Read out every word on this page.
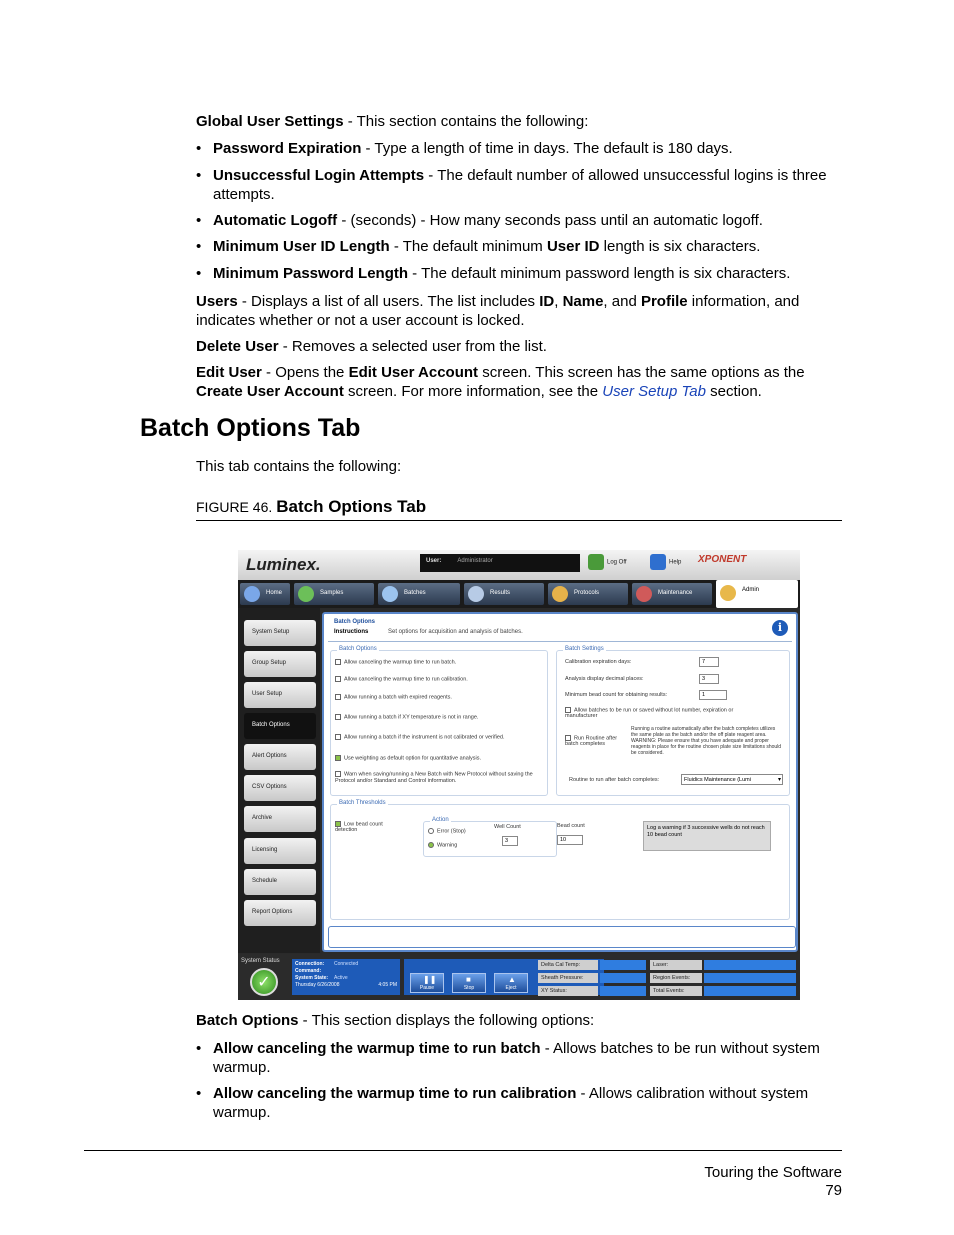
Global User Settings - This section contains the following:
• Password Expiration - Type a length of time in days. The default is 180 days.
• Unsuccessful Login Attempts - The default number of allowed unsuccessful logins is three attempts.
• Automatic Logoff - (seconds) - How many seconds pass until an automatic logoff.
• Minimum User ID Length - The default minimum User ID length is six characters.
• Minimum Password Length - The default minimum password length is six characters.
Users - Displays a list of all users. The list includes ID, Name, and Profile information, and indicates whether or not a user account is locked.
Delete User - Removes a selected user from the list.
Edit User - Opens the Edit User Account screen. This screen has the same options as the Create User Account screen. For more information, see the User Setup Tab section.
Batch Options Tab
This tab contains the following:
FIGURE 46. Batch Options Tab
Luminex.	User:	Administrator	Log Off	Help XPONENT
Home	Samples	Batches	Results	Protocols	Maintenance	Admin
System Setup
Group Setup
User Setup
Batch Options
Alert Options
CSV Options
Archive
Licensing
Schedule
Report Options
Batch Options
Instructions	Set options for acquisition and analysis of batches.	i
Batch Options
Allow canceling the warmup time to run batch.
Allow canceling the warmup time to run calibration.
Allow running a batch with expired reagents.
Allow running a batch if XY temperature is not in range.
Allow running a batch if the instrument is not calibrated or verified.
Use weighting as default option for quantitative analysis.
Warn when saving/running a New Batch with New Protocol without saving the Protocol and/or Standard and Control information.
Batch Settings
Calibration expiration days:	7
Analysis display decimal places:	3
Minimum bead count for obtaining results:	1
Allow batches to be run or saved without lot number, expiration or manufacturer
Run Routine after batch completes
Running a routine automatically after the batch completes utilizes the same plate as the batch and/or the off plate reagent area. WARNING: Please ensure that you have adequate and proper reagents in place for the routine chosen plate size limitations should be considered.
Routine to run after batch completes:	Fluidics Maintenance (Lumi	▾
Batch Thresholds
Low bead count detection
Action
Error (Stop)
Warning
Well Count
3
Bead count
10
Log a warning if 3 successive wells do not reach 10 bead count
System Status
✓
Connection: Connected
Command:
System State: Active
Thursday 6/26/2008	4:05 PM
❚❚
Pause
■
Stop
▲
Eject
Delta Cal Temp:
Sheath Pressure:
XY Status:
Laser:
Region Events:
Total Events:
Batch Options - This section displays the following options:
• Allow canceling the warmup time to run batch - Allows batches to be run without system warmup.
• Allow canceling the warmup time to run calibration - Allows calibration without system warmup.
Touring the Software
79
